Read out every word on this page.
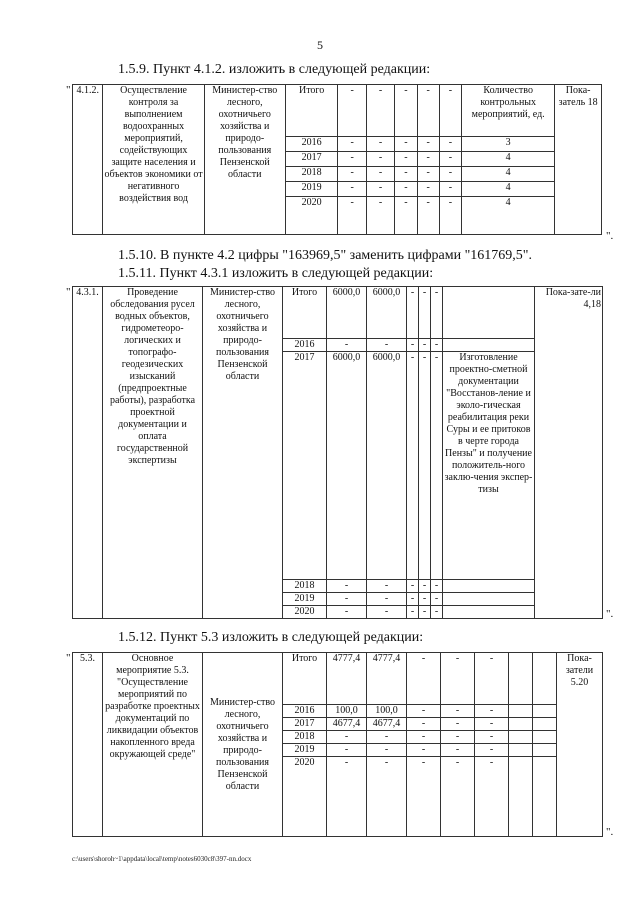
5
1.5.9. Пункт 4.1.2. изложить в следующей редакции:
" 4.1.2.	Осуществление контроля за выполнением водоохранных мероприятий, содействующих защите населения и объектов экономики от негативного воздействия вод	Министер-ство лесного, охотничьего хозяйства и природо-пользования Пензенской области	Итого	-	-	-	-	-	Количество контрольных мероприятий, ед.	Пока-затель 18
			2016	-	-	-	-	-	3	
			2017	-	-	-	-	-	4	
			2018	-	-	-	-	-	4	
			2019	-	-	-	-	-	4	
			2020	-	-	-	-	-	4	
".
1.5.10. В пункте 4.2 цифры "163969,5" заменить цифрами "161769,5".
1.5.11. Пункт 4.3.1 изложить в следующей редакции:
" 4.3.1.	Проведение обследования русел водных объектов, гидрометеоро-логических и топографо-геодезических изысканий (предпроектные работы), разработка проектной документации и оплата государственной экспертизы	Министер-ство лесного, охотничьего хозяйства и природо-пользования Пензенской области	Итого	6000,0	6000,0	-	-	-		Пока-зате-ли 4,18
			2016	-	-	-	-	-		
			2017	6000,0	6000,0	-	-	-	Изготовление проектно-сметной документации "Восстанов-ление и эколо-гическая реабилитация реки Суры и ее притоков в черте города Пензы" и получение положитель-ного заклю-чения экспер-тизы	
			2018	-	-	-	-	-		
			2019	-	-	-	-	-		
			2020	-	-	-	-	-			".
1.5.12. Пункт 5.3 изложить в следующей редакции:
" 5.3.	Основное мероприятие 5.3. "Осуществление мероприятий по разработке проектных документаций по ликвидации объектов накопленного вреда окружающей среде"	Министер-ство лесного, охотничьего хозяйства и природо-пользования Пензенской области	Итого	4777,4	4777,4	-	-	-			Пока-затели 5.20
			2016	100,0	100,0	-	-	-			
			2017	4677,4	4677,4	-	-	-			
			2018	-	-	-	-	-			
			2019	-	-	-	-	-			
			2020	-	-	-	-	-			
".
c:\users\shoroh~1\appdata\local\temp\notes6030c8\397-nn.docx
